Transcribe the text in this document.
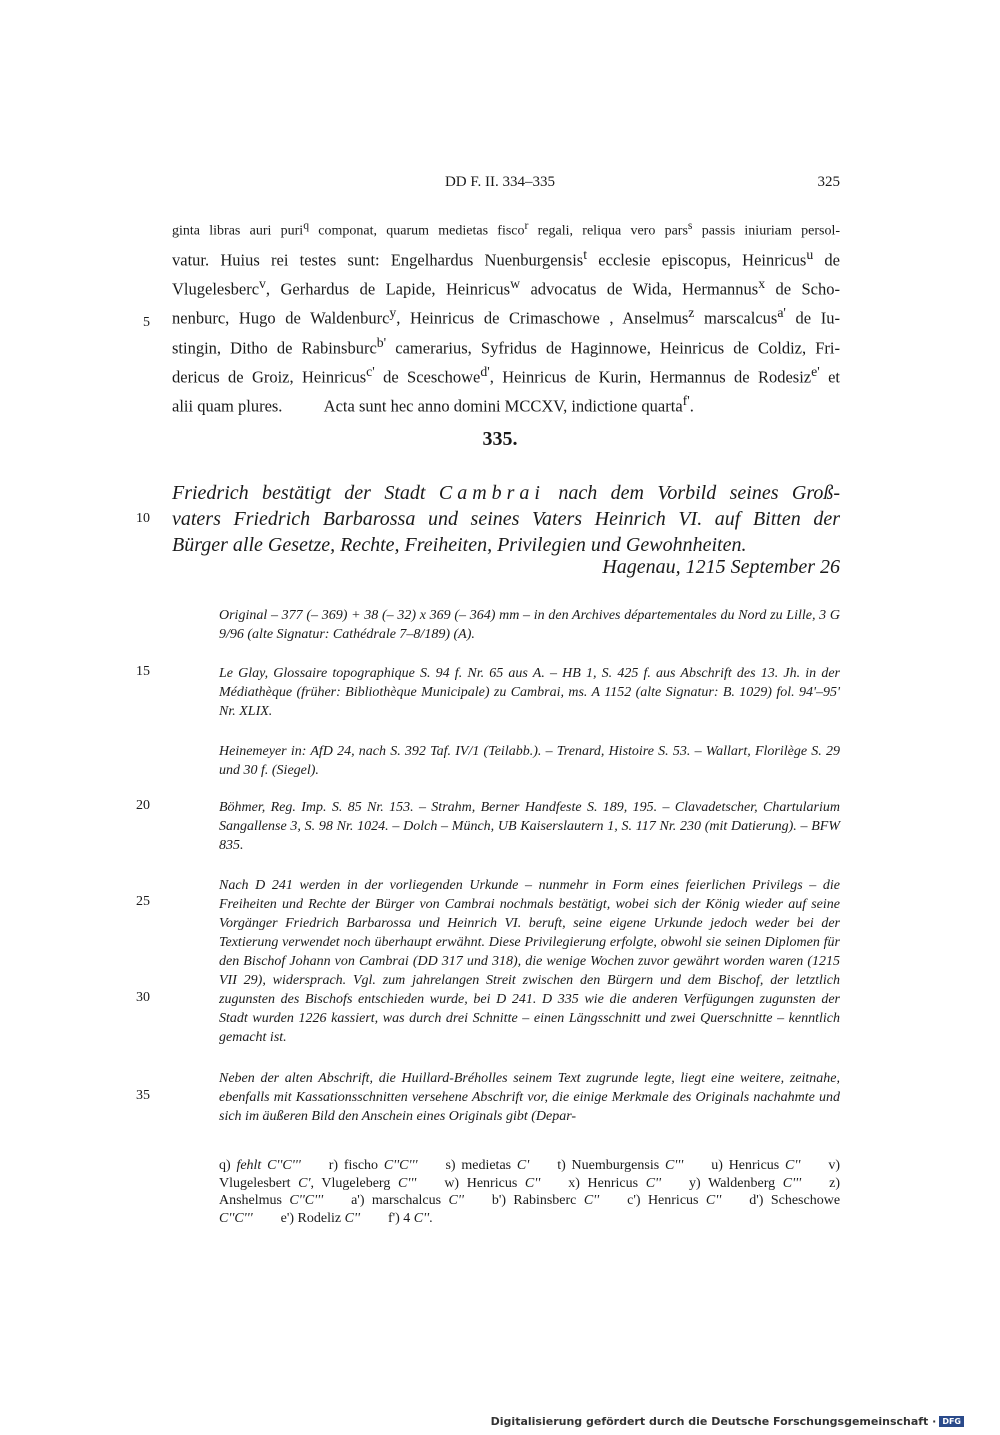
DD F. II. 334–335	325
ginta libras auri puri$^q$ componat, quarum medietas fisco$^r$ regali, reliqua vero pars$^s$ passis iniuriam persol-
vatur. Huius rei testes sunt: Engelhardus Nuenburgensis$^t$ ecclesie episcopus, Heinricus$^u$ de
Vlugelesberc$^v$, Gerhardus de Lapide, Heinricus$^w$ advocatus de Wida, Hermannus$^x$ de Scho-
nenburc, Hugo de Waldenburc$^y$, Heinricus de Crimaschowe , Anselmus$^z$ marscalcus$^{a'}$ de Iu-
stingin, Ditho de Rabinsburc$^{b'}$ camerarius, Syfridus de Haginnowe, Heinricus de Coldiz, Fri-
dericus de Groiz, Heinricus$^{c'}$ de Sceschowe$^{d'}$, Heinricus de Kurin, Hermannus de Rodesiz$^{e'}$ et
alii quam plures.          Acta sunt hec anno domini MCCXV, indictione quarta$^{f'}$.
5
10
15
20
25
30
35
335.
Friedrich bestätigt der Stadt Cambrai nach dem Vorbild seines Groß-
vaters Friedrich Barbarossa und seines Vaters Heinrich VI. auf Bitten der
Bürger alle Gesetze, Rechte, Freiheiten, Privilegien und Gewohnheiten.
Hagenau, 1215 September 26
Original – 377 (– 369) + 38 (– 32) x 369 (– 364) mm – in den Archives départementales du Nord zu Lille, 3 G 9/96 (alte Signatur: Cathédrale 7–8/189) (A).
Le Glay, Glossaire topographique S. 94 f. Nr. 65 aus A. – HB 1, S. 425 f. aus Abschrift des 13. Jh. in der Médiathèque (früher: Bibliothèque Municipale) zu Cambrai, ms. A 1152 (alte Signatur: B. 1029) fol. 94'–95' Nr. XLIX.
Heinemeyer in: AfD 24, nach S. 392 Taf. IV/1 (Teilabb.). – Trenard, Histoire S. 53. – Wallart, Florilège S. 29 und 30 f. (Siegel).
Böhmer, Reg. Imp. S. 85 Nr. 153. – Strahm, Berner Handfeste S. 189, 195. – Clavadetscher, Chartularium Sangallense 3, S. 98 Nr. 1024. – Dolch – Münch, UB Kaiserslautern 1, S. 117 Nr. 230 (mit Datierung). – BFW 835.
Nach D 241 werden in der vorliegenden Urkunde – nunmehr in Form eines feierlichen Privilegs – die Freiheiten und Rechte der Bürger von Cambrai nochmals bestätigt, wobei sich der König wieder auf seine Vorgänger Friedrich Barbarossa und Heinrich VI. beruft, seine eigene Urkunde jedoch weder bei der Textierung verwendet noch überhaupt erwähnt. Diese Privilegierung erfolgte, obwohl sie seinen Diplomen für den Bischof Johann von Cambrai (DD 317 und 318), die wenige Wochen zuvor gewährt worden waren (1215 VII 29), widersprach. Vgl. zum jahrelangen Streit zwischen den Bürgern und dem Bischof, der letztlich zugunsten des Bischofs entschieden wurde, bei D 241. D 335 wie die anderen Verfügungen zugunsten der Stadt wurden 1226 kassiert, was durch drei Schnitte – einen Längsschnitt und zwei Querschnitte – kenntlich gemacht ist.
Neben der alten Abschrift, die Huillard-Bréholles seinem Text zugrunde legte, liegt eine weitere, zeitnahe, ebenfalls mit Kassationsschnitten versehene Abschrift vor, die einige Merkmale des Originals nachahmte und sich im äußeren Bild den Anschein eines Originals gibt (Depar-
q) fehlt C''C''' r) fischo C''C''' s) medietas C' t) Nuemburgensis C''' u) Henricus C'' v) Vlugelesbert C', Vlugeleberg C''' w) Henricus C'' x) Henricus C'' y) Waldenberg C''' z) Anshelmus C''C''' a') marschalcus C'' b') Rabinsberc C'' c') Henricus C'' d') Scheschowe C''C''' e') Rodeliz C'' f') 4 C''.
Digitalisierung gefördert durch die Deutsche Forschungsgemeinschaft · DFG
